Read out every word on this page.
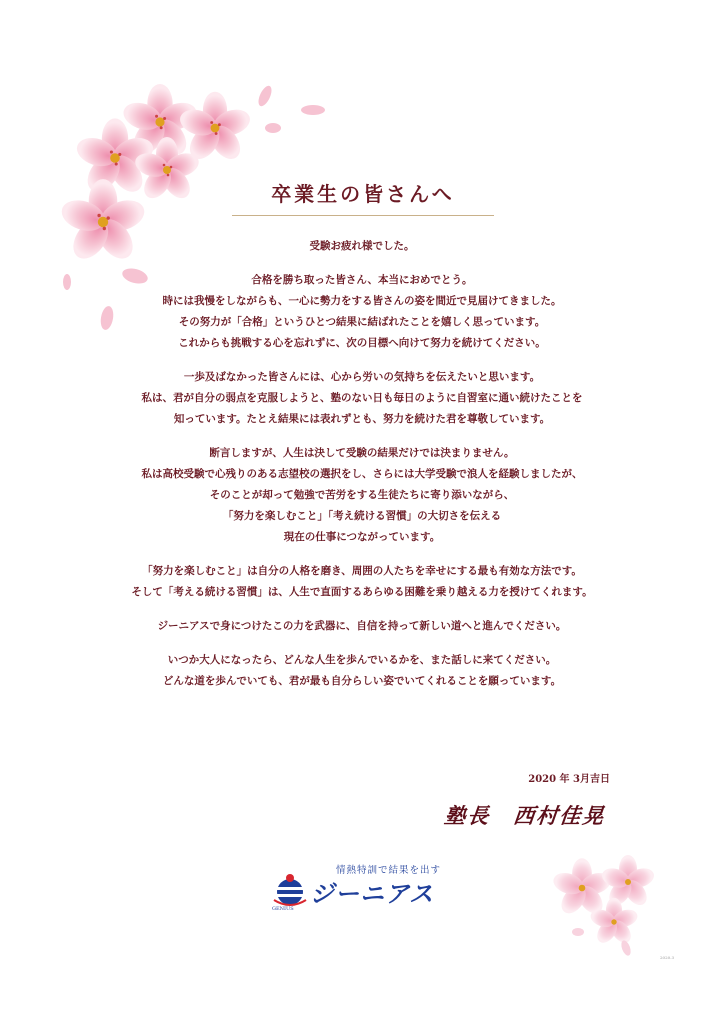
卒業生の皆さんへ
受験お疲れ様でした。
合格を勝ち取った皆さん、本当におめでとう。
時には我慢をしながらも、一心に勢力をする皆さんの姿を間近で見届けてきました。
その努力が「合格」というひとつ結果に結ばれたことを嬉しく思っています。
これからも挑戦する心を忘れずに、次の目標へ向けて努力を続けてください。
一歩及ばなかった皆さんには、心から労いの気持ちを伝えたいと思います。
私は、君が自分の弱点を克服しようと、塾のない日も毎日のように自習室に通い続けたことを
知っています。たとえ結果には表れずとも、努力を続けた君を尊敬しています。
断言しますが、人生は決して受験の結果だけでは決まりません。
私は高校受験で心残りのある志望校の選択をし、さらには大学受験で浪人を経験しましたが、
そのことが却って勉強で苦労をする生徒たちに寄り添いながら、
「努力を楽しむこと」「考え続ける習慣」の大切さを伝える
現在の仕事につながっています。
「努力を楽しむこと」は自分の人格を磨き、周囲の人たちを幸せにする最も有効な方法です。
そして「考える続ける習慣」は、人生で直面するあらゆる困難を乗り越える力を授けてくれます。
ジーニアスで身につけたこの力を武器に、自信を持って新しい道へと進んでください。
いつか大人になったら、どんな人生を歩んでいるかを、また話しに来てください。
どんな道を歩んでいても、君が最も自分らしい姿でいてくれることを願っています。
2020 年 3月吉日
塾長　西村佳晃
情熱特訓で結果を出す
ジーニアス
GENIUS
2020.3
